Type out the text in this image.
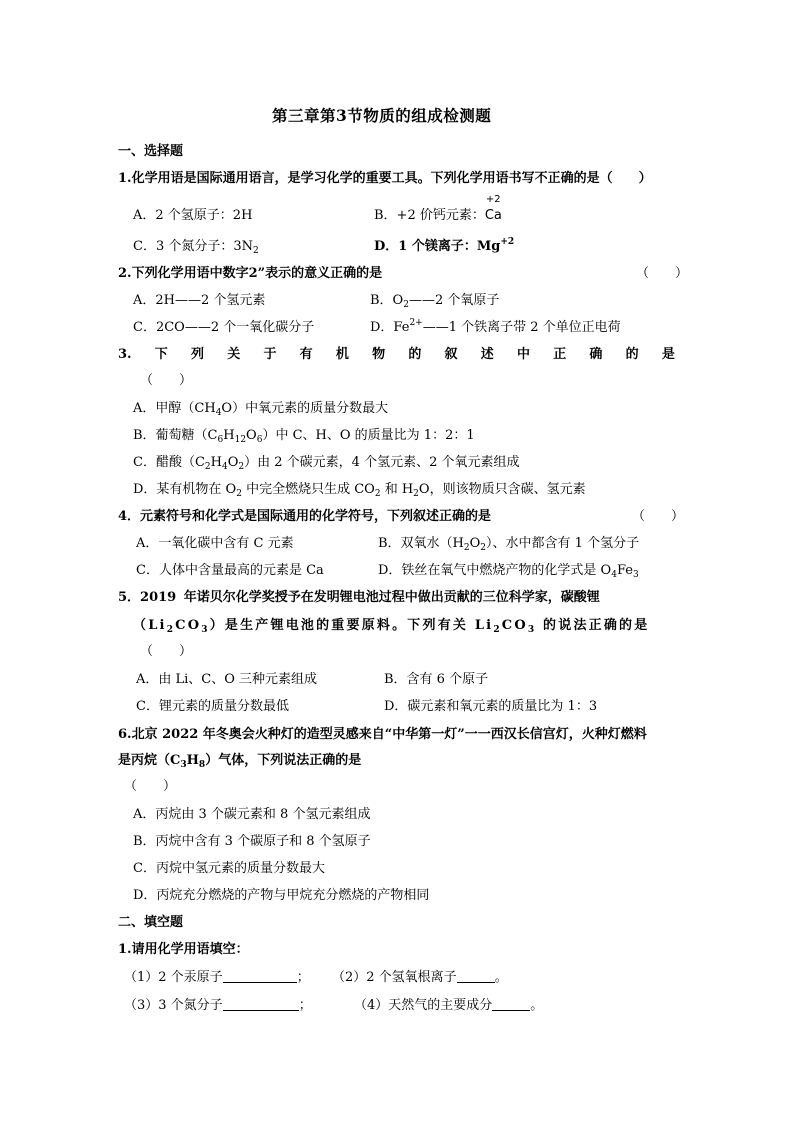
第三章第3节物质的组成检测题
一、选择题
1.化学用语是国际通用语言，是学习化学的重要工具。下列化学用语书写不正确的是（　　）
A．2 个氢原子：2H	B．+2 价钙元素：
+2
Ca
C．3 个氮分子：$3N_2$	D．1 个镁离子：$Mg^{+2}$
2.下列化学用语中数字2”表示的意义正确的是	（　　）
A．2H——2 个氢元素	B．$O_2——2$ 个氧原子
C．2CO——2 个一氧化碳分子	D．$Fe^{2+}——1$ 个铁离子带 2 个单位正电荷
3. 下 列 关 于 有 机 物 的 叙 述 中 正 确 的 是
（　　）
A．甲醇$(CH_4O)$中氧元素的质量分数最大
B．葡萄糖$(C_6H_{12}O_6)$中 C、H、O 的质量比为 1：2：1
C．醋酸$(C_2H_4O_2)$由 2 个碳元素，4 个氢元素、2 个氧元素组成
D．某有机物在 $O_2$ 中完全燃烧只生成 $CO_2$ 和 $H_2O$，则该物质只含碳、氢元素
4．元素符号和化学式是国际通用的化学符号，下列叙述正确的是	（　　）
A．一氧化碳中含有 C 元素	B．双氧水$(H_2O_2)$、水中都含有 1 个氢分子
C．人体中含量最高的元素是 Ca	D．铁丝在氧气中燃烧产物的化学式是 $O_4Fe_3$
5．2019 年诺贝尔化学奖授予在发明锂电池过程中做出贡献的三位科学家，碳酸锂
$(Li_2CO_3)$是生产锂电池的重要原料。下列有关 $Li_2CO_3$ 的说法正确的是
（　　）
A．由 Li、C、O 三种元素组成	B．含有 6 个原子
C．锂元素的质量分数最低	D．碳元素和氧元素的质量比为 1：3
6.北京 2022 年冬奥会火种灯的造型灵感来自“中华第一灯”一一西汉长信宫灯，火种灯燃料
是丙烷$(C_3H_8)$气体，下列说法正确的是
（　　）
A．丙烷由 3 个碳元素和 8 个氢元素组成
B．丙烷中含有 3 个碳原子和 8 个氢原子
C．丙烷中氢元素的质量分数最大
D．丙烷充分燃烧的产物与甲烷充分燃烧的产物相同
二、填空题
1.请用化学用语填空：
（1）2 个汞原子	； （2）2 个氢氧根离子	。
（3）3 个氮分子	；	（4）天然气的主要成分	。
